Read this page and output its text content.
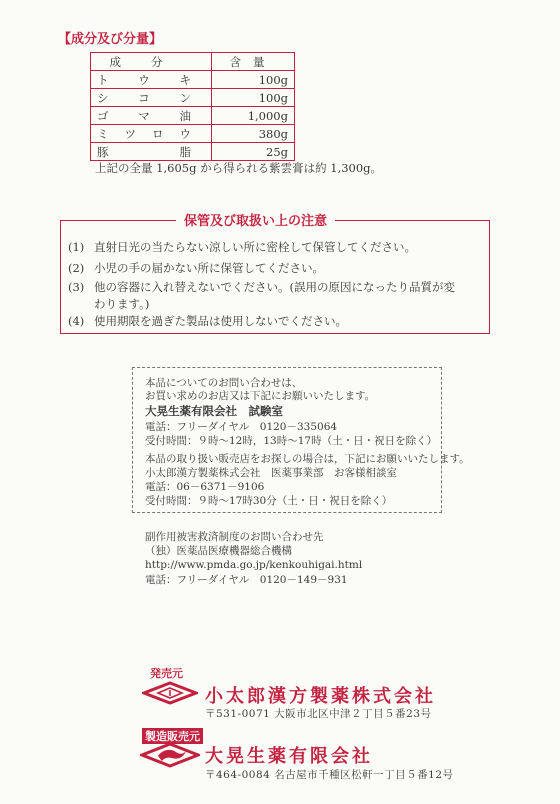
【成分及び分量】
成分	含量
トウキ	100g
シコン	100g
ゴマ油	1,000g
ミツロウ	380g
豚脂	25g
上記の全量 1,605g から得られる紫雲膏は約 1,300g。
保管及び取扱い上の注意
(1) 直射日光の当たらない涼しい所に密栓して保管してください。
(2) 小児の手の届かない所に保管してください。
(3) 他の容器に入れ替えないでください。(誤用の原因になったり品質が変わります。)
(4) 使用期限を過ぎた製品は使用しないでください。
本品についてのお問い合わせは、
お買い求めのお店又は下記にお願いいたします。
大晃生薬有限会社　試験室
電話：フリーダイヤル　0120－335064
受付時間：９時～12時，13時～17時（土・日・祝日を除く）
本品の取り扱い販売店をお探しの場合は，下記にお願いいたします。
小太郎漢方製薬株式会社　医薬事業部　お客様相談室
電話：06－6371－9106
受付時間：９時～17時30分（土・日・祝日を除く）
副作用被害救済制度のお問い合わせ先
（独）医薬品医療機器総合機構
http://www.pmda.go.jp/kenkouhigai.html
電話：フリーダイヤル　0120－149－931
発売元
小太郎漢方製薬株式会社
〒531-0071 大阪市北区中津２丁目５番23号
製造販売元
大晃生薬有限会社
〒464-0084 名古屋市千種区松軒一丁目５番12号
